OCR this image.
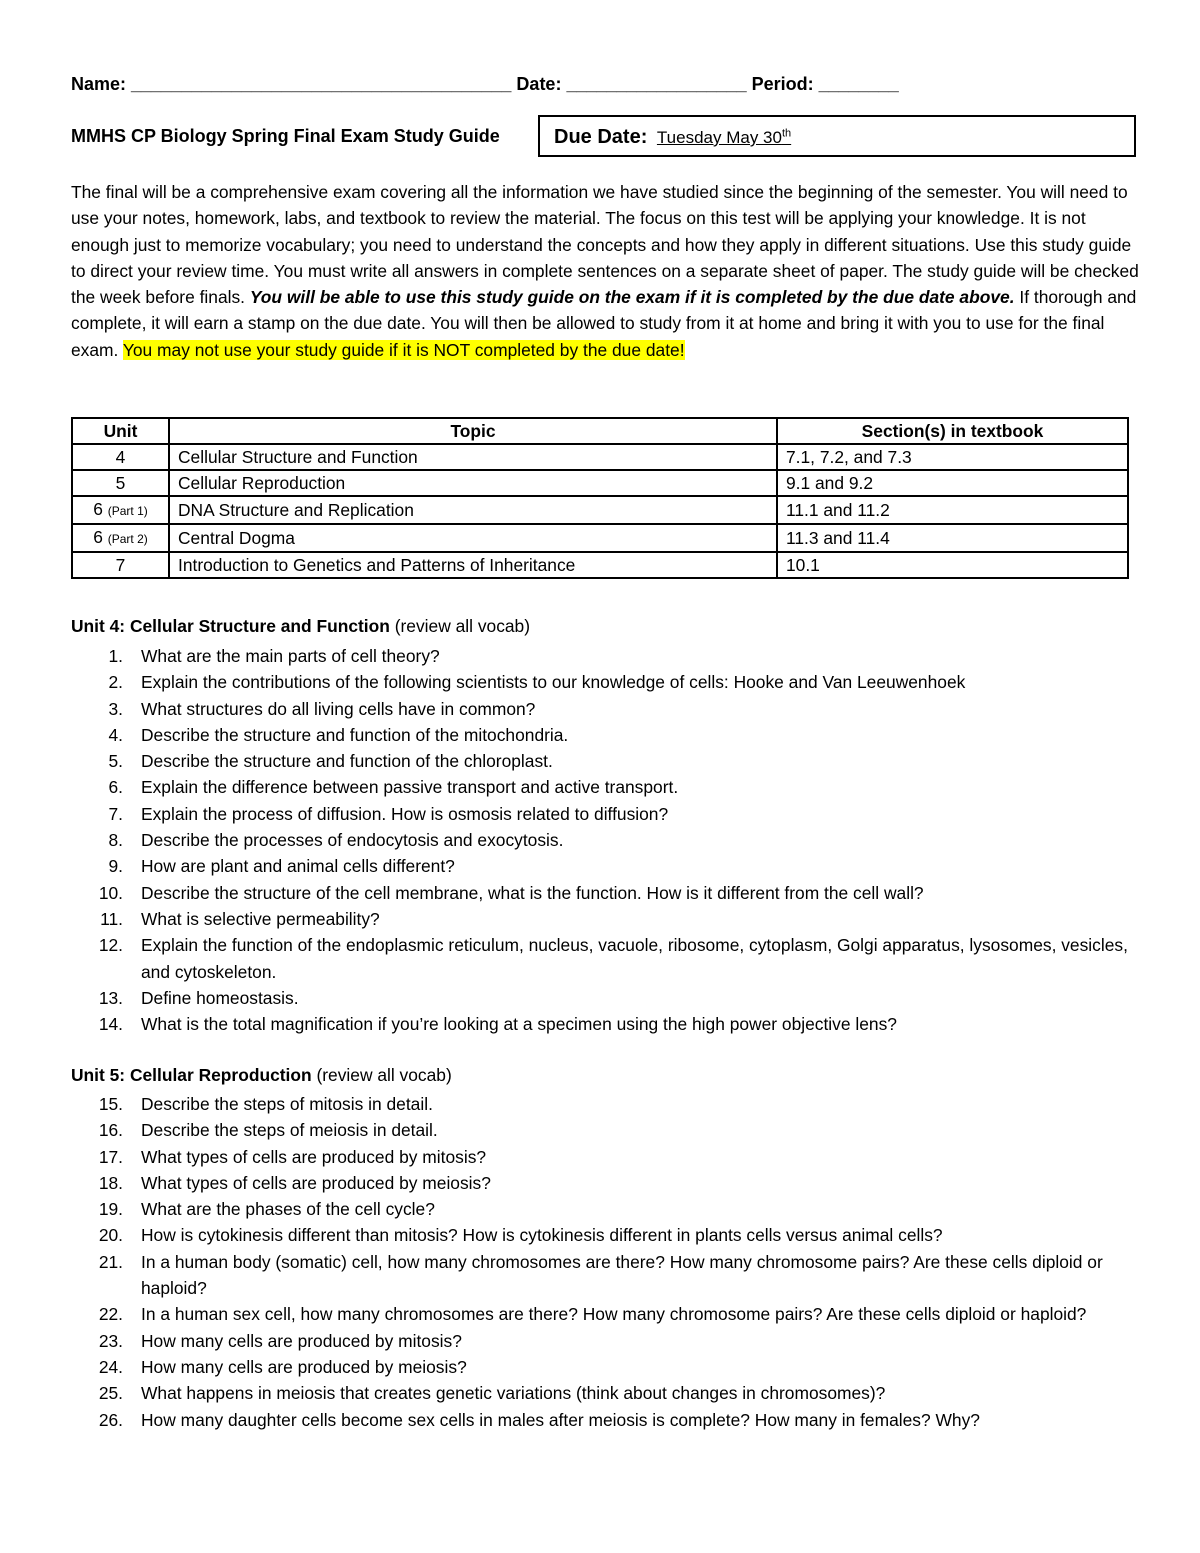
Name: ______________________________________ Date: __________________ Period: ________
MMHS CP Biology Spring Final Exam Study Guide	Due Date: Tuesday May 30th
The final will be a comprehensive exam covering all the information we have studied since the beginning of the semester. You will need to use your notes, homework, labs, and textbook to review the material. The focus on this test will be applying your knowledge. It is not enough just to memorize vocabulary; you need to understand the concepts and how they apply in different situations. Use this study guide to direct your review time. You must write all answers in complete sentences on a separate sheet of paper. The study guide will be checked the week before finals. You will be able to use this study guide on the exam if it is completed by the due date above. If thorough and complete, it will earn a stamp on the due date. You will then be allowed to study from it at home and bring it with you to use for the final exam. You may not use your study guide if it is NOT completed by the due date!
Unit	Topic	Section(s) in textbook
4	Cellular Structure and Function	7.1, 7.2, and 7.3
5	Cellular Reproduction	9.1 and 9.2
6 (Part 1)	DNA Structure and Replication	11.1 and 11.2
6 (Part 2)	Central Dogma	11.3 and 11.4
7	Introduction to Genetics and Patterns of Inheritance	10.1
Unit 4: Cellular Structure and Function (review all vocab)
1. What are the main parts of cell theory?
2. Explain the contributions of the following scientists to our knowledge of cells: Hooke and Van Leeuwenhoek
3. What structures do all living cells have in common?
4. Describe the structure and function of the mitochondria.
5. Describe the structure and function of the chloroplast.
6. Explain the difference between passive transport and active transport.
7. Explain the process of diffusion. How is osmosis related to diffusion?
8. Describe the processes of endocytosis and exocytosis.
9. How are plant and animal cells different?
10. Describe the structure of the cell membrane, what is the function. How is it different from the cell wall?
11. What is selective permeability?
12. Explain the function of the endoplasmic reticulum, nucleus, vacuole, ribosome, cytoplasm, Golgi apparatus, lysosomes, vesicles, and cytoskeleton.
13. Define homeostasis.
14. What is the total magnification if you’re looking at a specimen using the high power objective lens?
Unit 5: Cellular Reproduction (review all vocab)
15. Describe the steps of mitosis in detail.
16. Describe the steps of meiosis in detail.
17. What types of cells are produced by mitosis?
18. What types of cells are produced by meiosis?
19. What are the phases of the cell cycle?
20. How is cytokinesis different than mitosis? How is cytokinesis different in plants cells versus animal cells?
21. In a human body (somatic) cell, how many chromosomes are there? How many chromosome pairs? Are these cells diploid or haploid?
22. In a human sex cell, how many chromosomes are there? How many chromosome pairs? Are these cells diploid or haploid?
23. How many cells are produced by mitosis?
24. How many cells are produced by meiosis?
25. What happens in meiosis that creates genetic variations (think about changes in chromosomes)?
26. How many daughter cells become sex cells in males after meiosis is complete? How many in females? Why?
